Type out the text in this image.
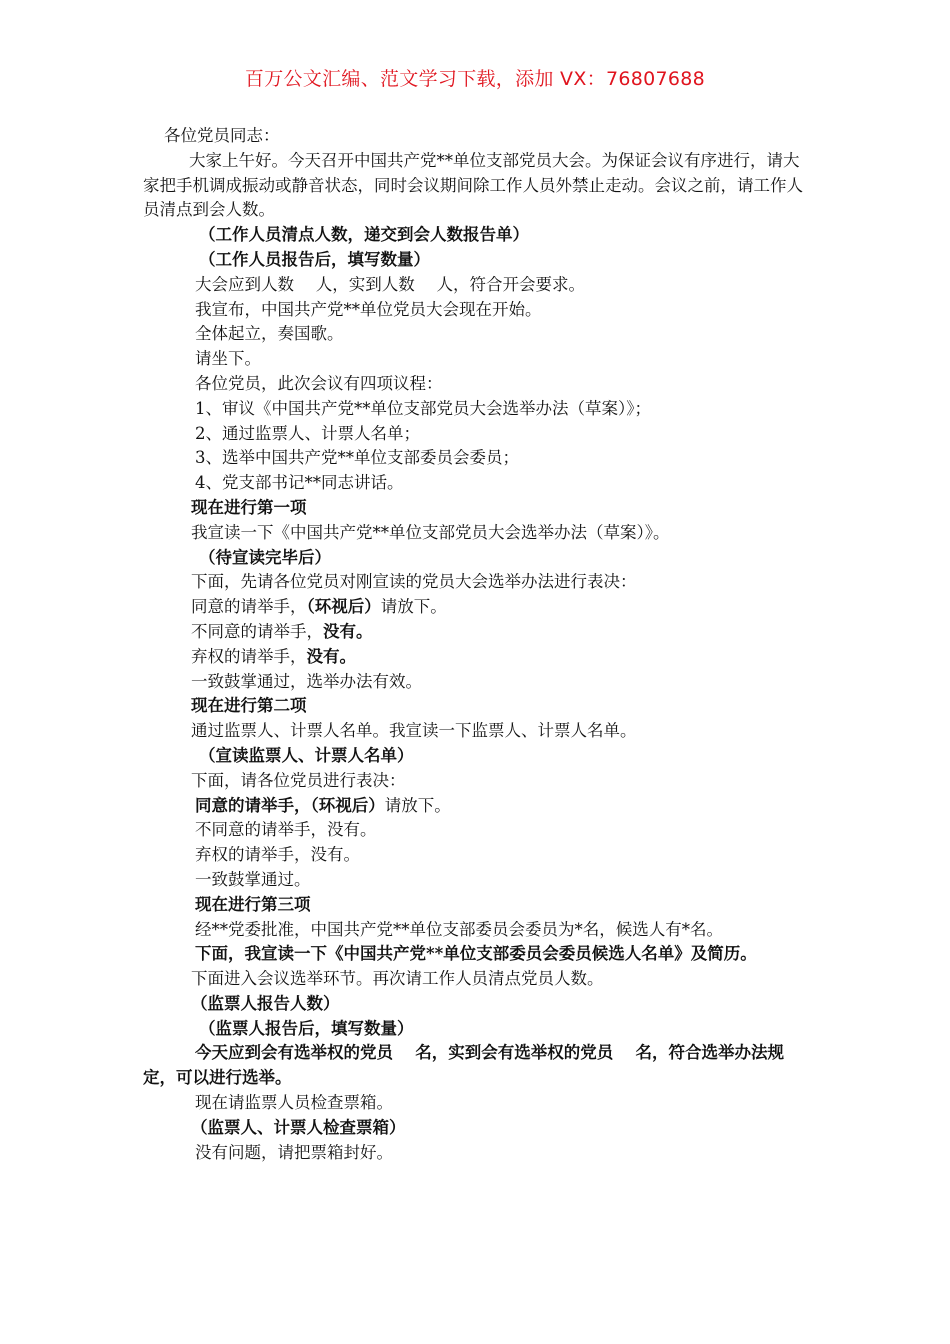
百万公文汇编、范文学习下载，添加 VX：76807688

各位党员同志：

大家上午好。今天召开中国共产党**单位支部党员大会。为保证会议有序进行，请大家把手机调成振动或静音状态，同时会议期间除工作人员外禁止走动。会议之前，请工作人员清点到会人数。

（工作人员清点人数，递交到会人数报告单）

（工作人员报告后，填写数量）

大会应到人数　 人，实到人数　 人，符合开会要求。

我宣布，中国共产党**单位党员大会现在开始。

全体起立，奏国歌。

请坐下。

各位党员，此次会议有四项议程：

1、审议《中国共产党**单位支部党员大会选举办法（草案）》；

2、通过监票人、计票人名单；

3、选举中国共产党**单位支部委员会委员；

4、党支部书记**同志讲话。

现在进行第一项

我宣读一下《中国共产党**单位支部党员大会选举办法（草案）》。

（待宣读完毕后）

下面，先请各位党员对刚宣读的党员大会选举办法进行表决：

同意的请举手，（环视后）请放下。

不同意的请举手，没有。

弃权的请举手，没有。

一致鼓掌通过，选举办法有效。

现在进行第二项

通过监票人、计票人名单。我宣读一下监票人、计票人名单。

（宣读监票人、计票人名单）

下面，请各位党员进行表决：

同意的请举手，（环视后）请放下。

不同意的请举手，没有。

弃权的请举手，没有。

一致鼓掌通过。

现在进行第三项

经**党委批准，中国共产党**单位支部委员会委员为*名，候选人有*名。

下面，我宣读一下《中国共产党**单位支部委员会委员候选人名单》及简历。

下面进入会议选举环节。再次请工作人员清点党员人数。

（监票人报告人数）

（监票人报告后，填写数量）

今天应到会有选举权的党员　 名，实到会有选举权的党员　 名，符合选举办法规定，可以进行选举。

现在请监票人员检查票箱。

（监票人、计票人检查票箱）

没有问题，请把票箱封好。
